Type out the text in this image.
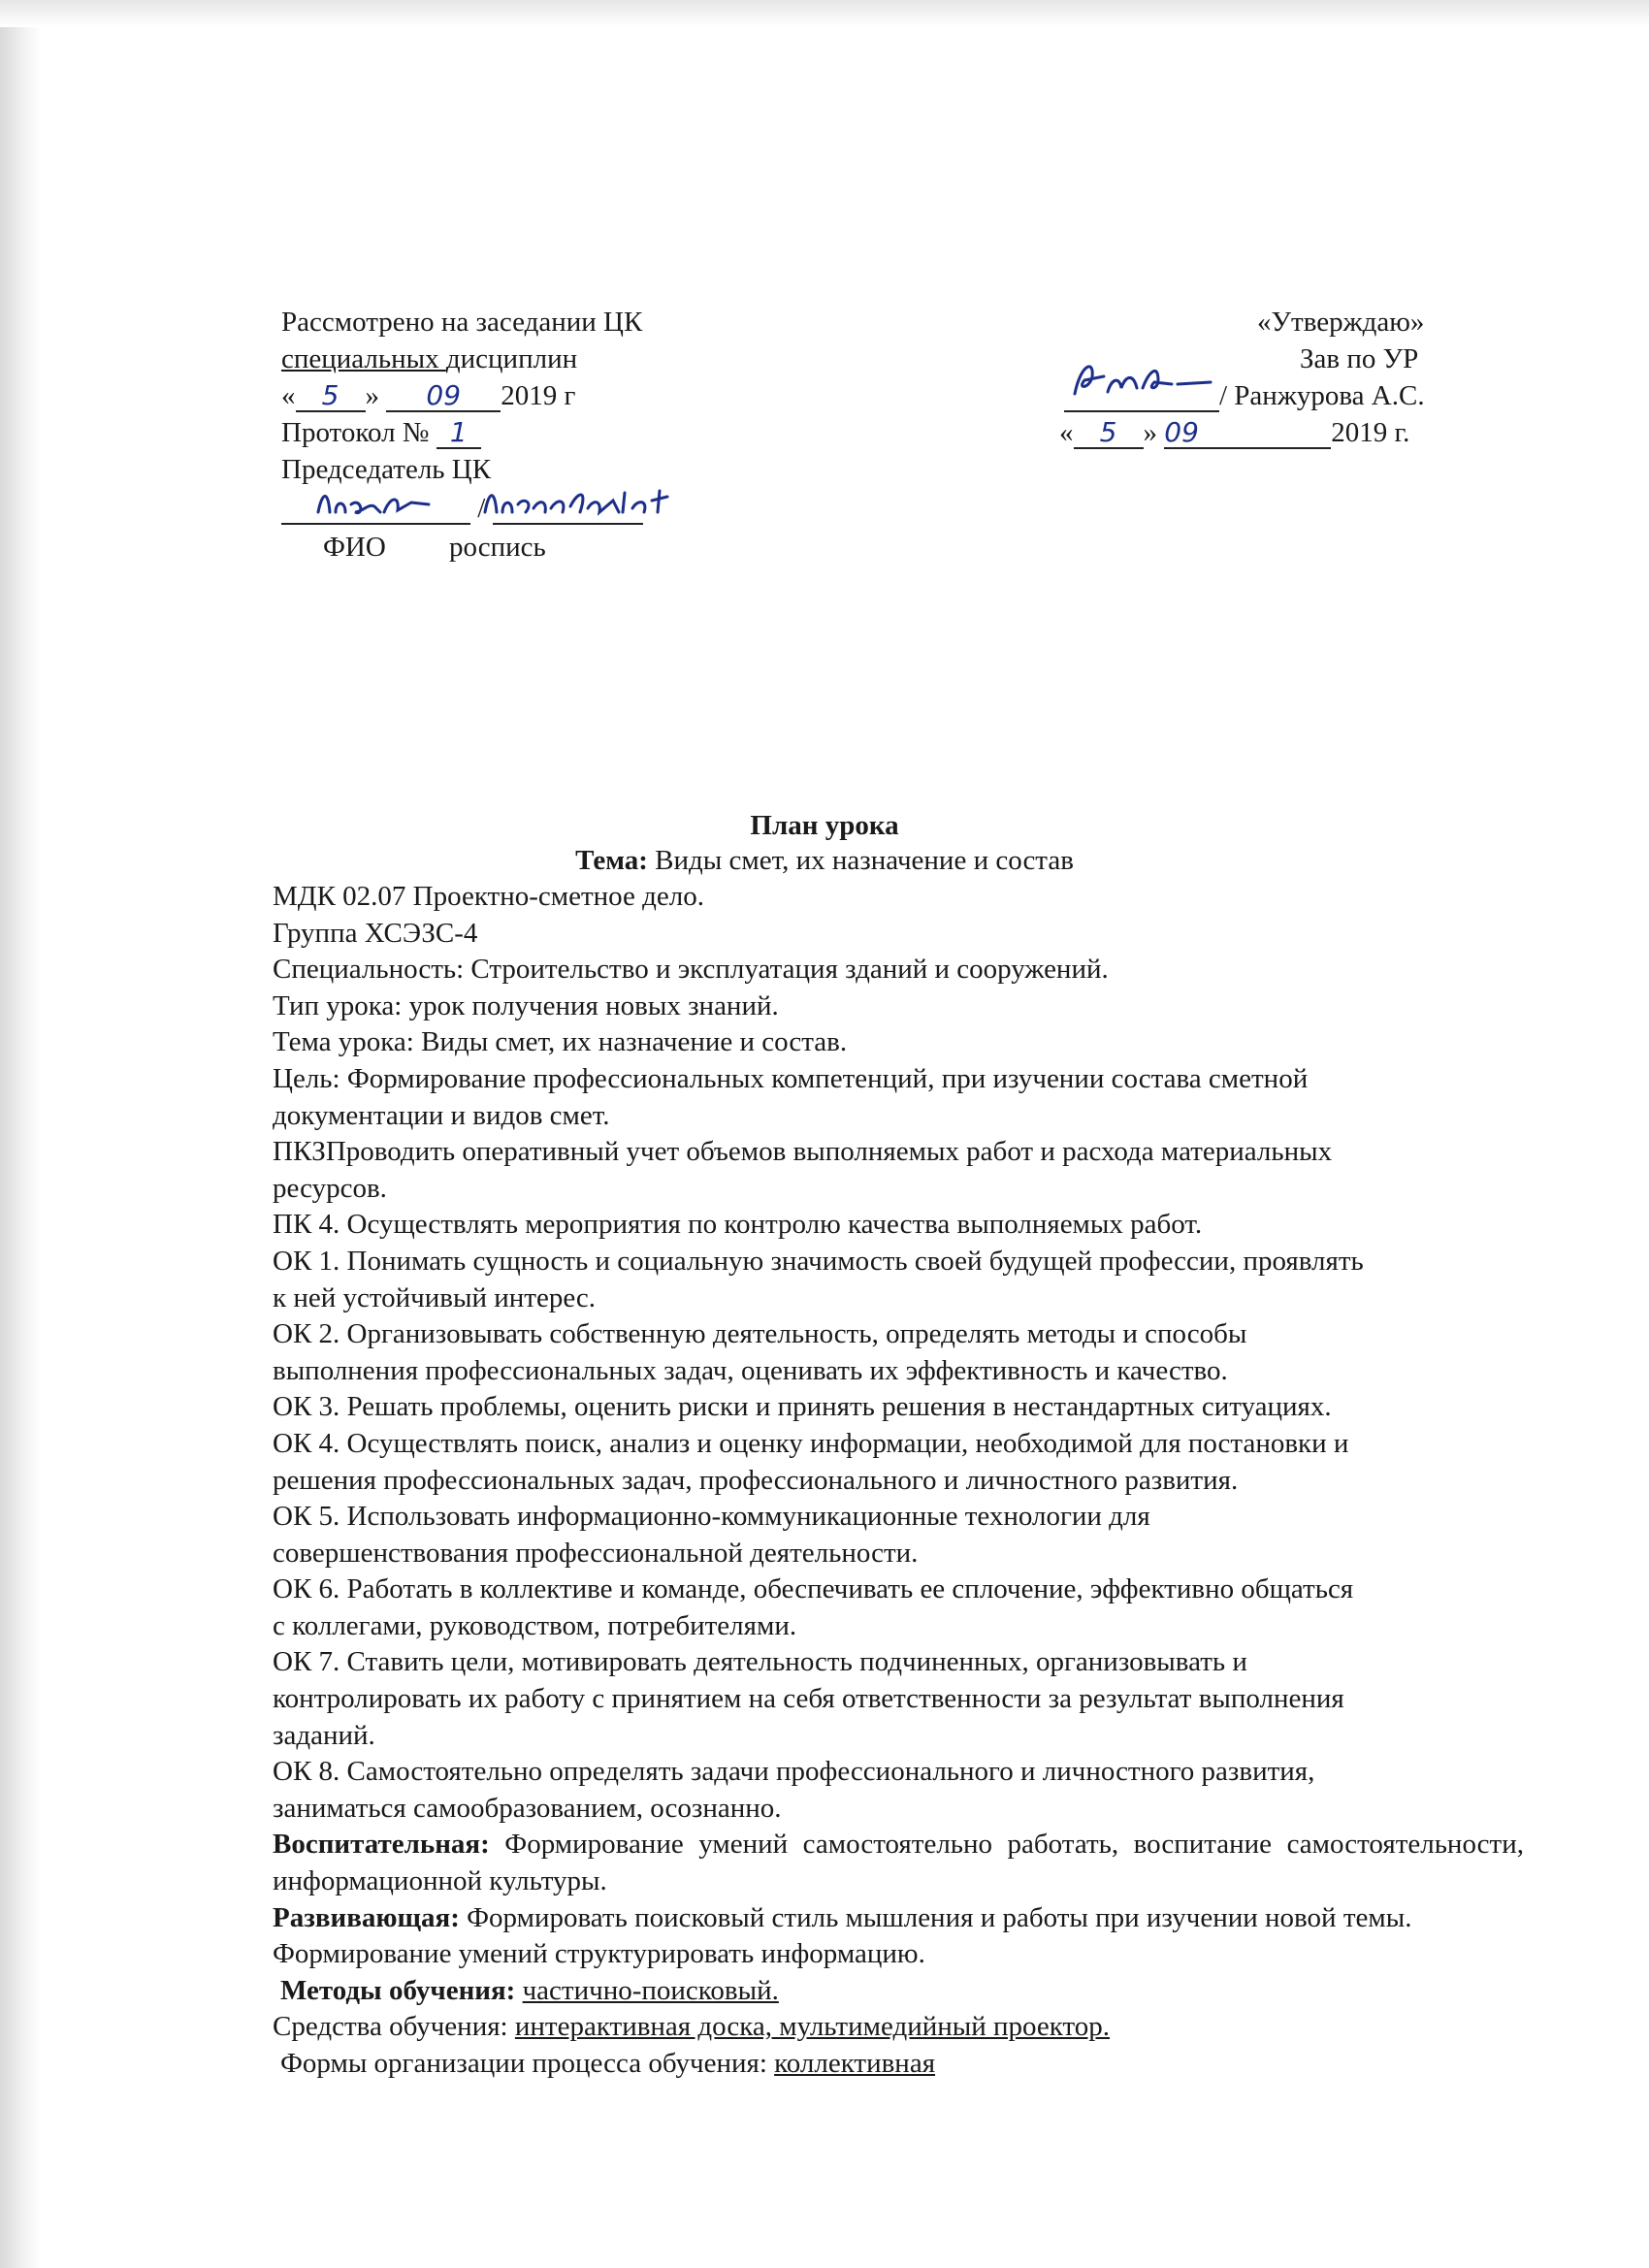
Рассмотрено на заседании ЦК
специальных дисциплин
« 5 » 09 2019 г
Протокол № 1
Председатель ЦК
/
ФИО роспись
«Утверждаю»
Зав по УР
/ Ранжурова А.С.
« 5 » 09	2019 г.
План урока
Тема: Виды смет, их назначение и состав

МДК 02.07 Проектно-сметное дело.

Группа ХСЭЗС-4

Специальность: Строительство и эксплуатация зданий и сооружений.

Тип урока: урок получения новых знаний.

Тема урока: Виды смет, их назначение и состав.

Цель: Формирование профессиональных компетенций, при изучении состава сметной

документации и видов смет.

ПКЗПроводить оперативный учет объемов выполняемых работ и расхода материальных

ресурсов.

ПК 4. Осуществлять мероприятия по контролю качества выполняемых работ.

ОК 1. Понимать сущность и социальную значимость своей будущей профессии, проявлять

к ней устойчивый интерес.

ОК 2. Организовывать собственную деятельность, определять методы и способы

выполнения профессиональных задач, оценивать их эффективность и качество.

ОК 3. Решать проблемы, оценить риски и принять решения в нестандартных ситуациях.

ОК 4. Осуществлять поиск, анализ и оценку информации, необходимой для постановки и

решения профессиональных задач, профессионального и личностного развития.

ОК 5. Использовать информационно-коммуникационные технологии для

совершенствования профессиональной деятельности.

ОК 6. Работать в коллективе и команде, обеспечивать ее сплочение, эффективно общаться

с коллегами, руководством, потребителями.

ОК 7. Ставить цели, мотивировать деятельность подчиненных, организовывать и

контролировать их работу с принятием на себя ответственности за результат выполнения

заданий.

ОК 8. Самостоятельно определять задачи профессионального и личностного развития,

заниматься самообразованием, осознанно.

Воспитательная: Формирование умений самостоятельно работать, воспитание самостоятельности, информационной культуры.

Развивающая: Формировать поисковый стиль мышления и работы при изучении новой темы. Формирование умений структурировать информацию.

Методы обучения: частично-поисковый.

Средства обучения: интерактивная доска, мультимедийный проектор.

Формы организации процесса обучения: коллективная
